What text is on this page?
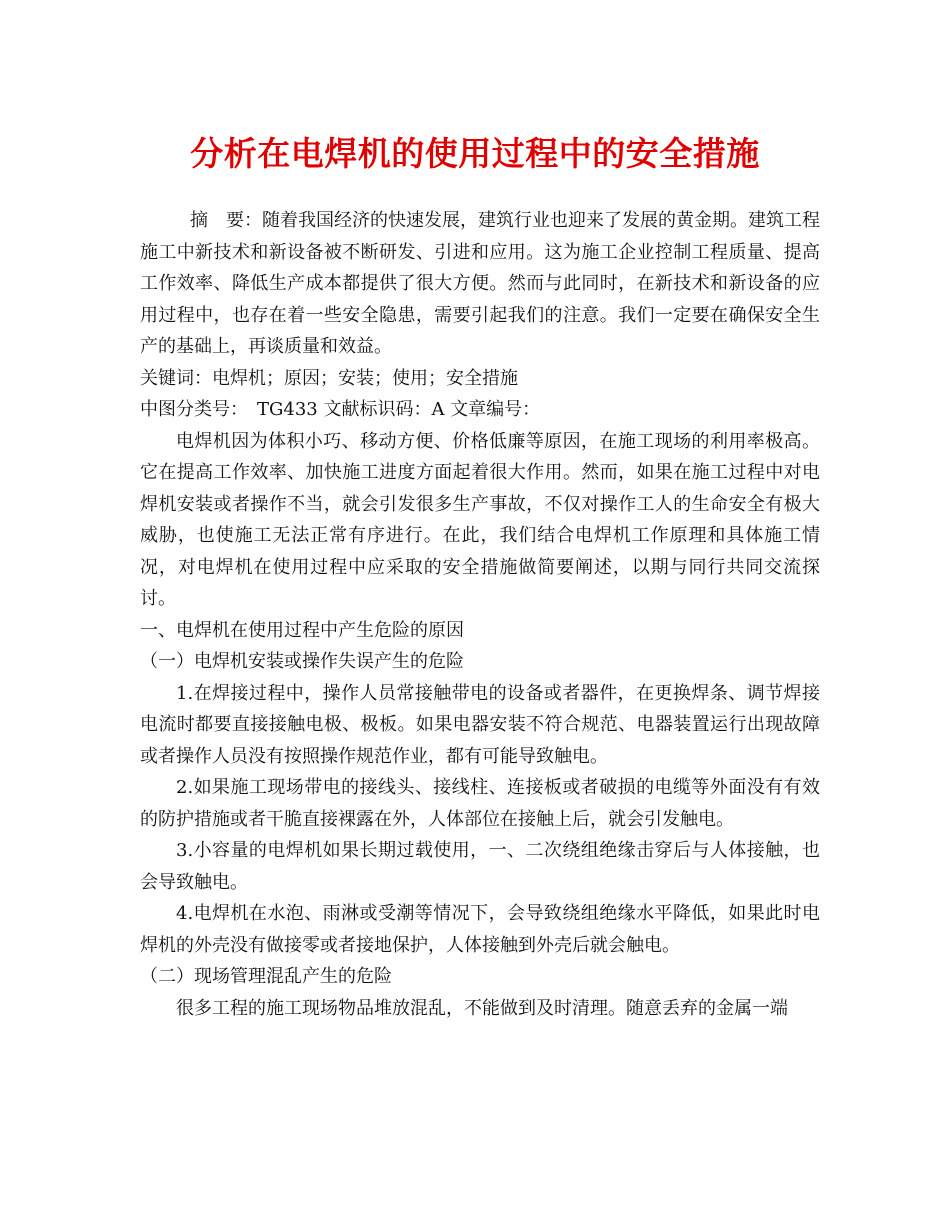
分析在电焊机的使用过程中的安全措施

摘　要：随着我国经济的快速发展，建筑行业也迎来了发展的黄金期。建筑工程施工中新技术和新设备被不断研发、引进和应用。这为施工企业控制工程质量、提高工作效率、降低生产成本都提供了很大方便。然而与此同时，在新技术和新设备的应用过程中，也存在着一些安全隐患，需要引起我们的注意。我们一定要在确保安全生产的基础上，再谈质量和效益。

关键词：电焊机；原因；安装；使用；安全措施

中图分类号：　TG433 文献标识码：A 文章编号：

电焊机因为体积小巧、移动方便、价格低廉等原因，在施工现场的利用率极高。它在提高工作效率、加快施工进度方面起着很大作用。然而，如果在施工过程中对电焊机安装或者操作不当，就会引发很多生产事故，不仅对操作工人的生命安全有极大威胁，也使施工无法正常有序进行。在此，我们结合电焊机工作原理和具体施工情况，对电焊机在使用过程中应采取的安全措施做简要阐述，以期与同行共同交流探讨。

一、电焊机在使用过程中产生危险的原因

（一）电焊机安装或操作失误产生的危险

1.在焊接过程中，操作人员常接触带电的设备或者器件，在更换焊条、调节焊接电流时都要直接接触电极、极板。如果电器安装不符合规范、电器装置运行出现故障或者操作人员没有按照操作规范作业，都有可能导致触电。

2.如果施工现场带电的接线头、接线柱、连接板或者破损的电缆等外面没有有效的防护措施或者干脆直接裸露在外，人体部位在接触上后，就会引发触电。

3.小容量的电焊机如果长期过载使用，一、二次绕组绝缘击穿后与人体接触，也会导致触电。

4.电焊机在水泡、雨淋或受潮等情况下，会导致绕组绝缘水平降低，如果此时电焊机的外壳没有做接零或者接地保护，人体接触到外壳后就会触电。

（二）现场管理混乱产生的危险

很多工程的施工现场物品堆放混乱，不能做到及时清理。随意丢弃的金属一端
